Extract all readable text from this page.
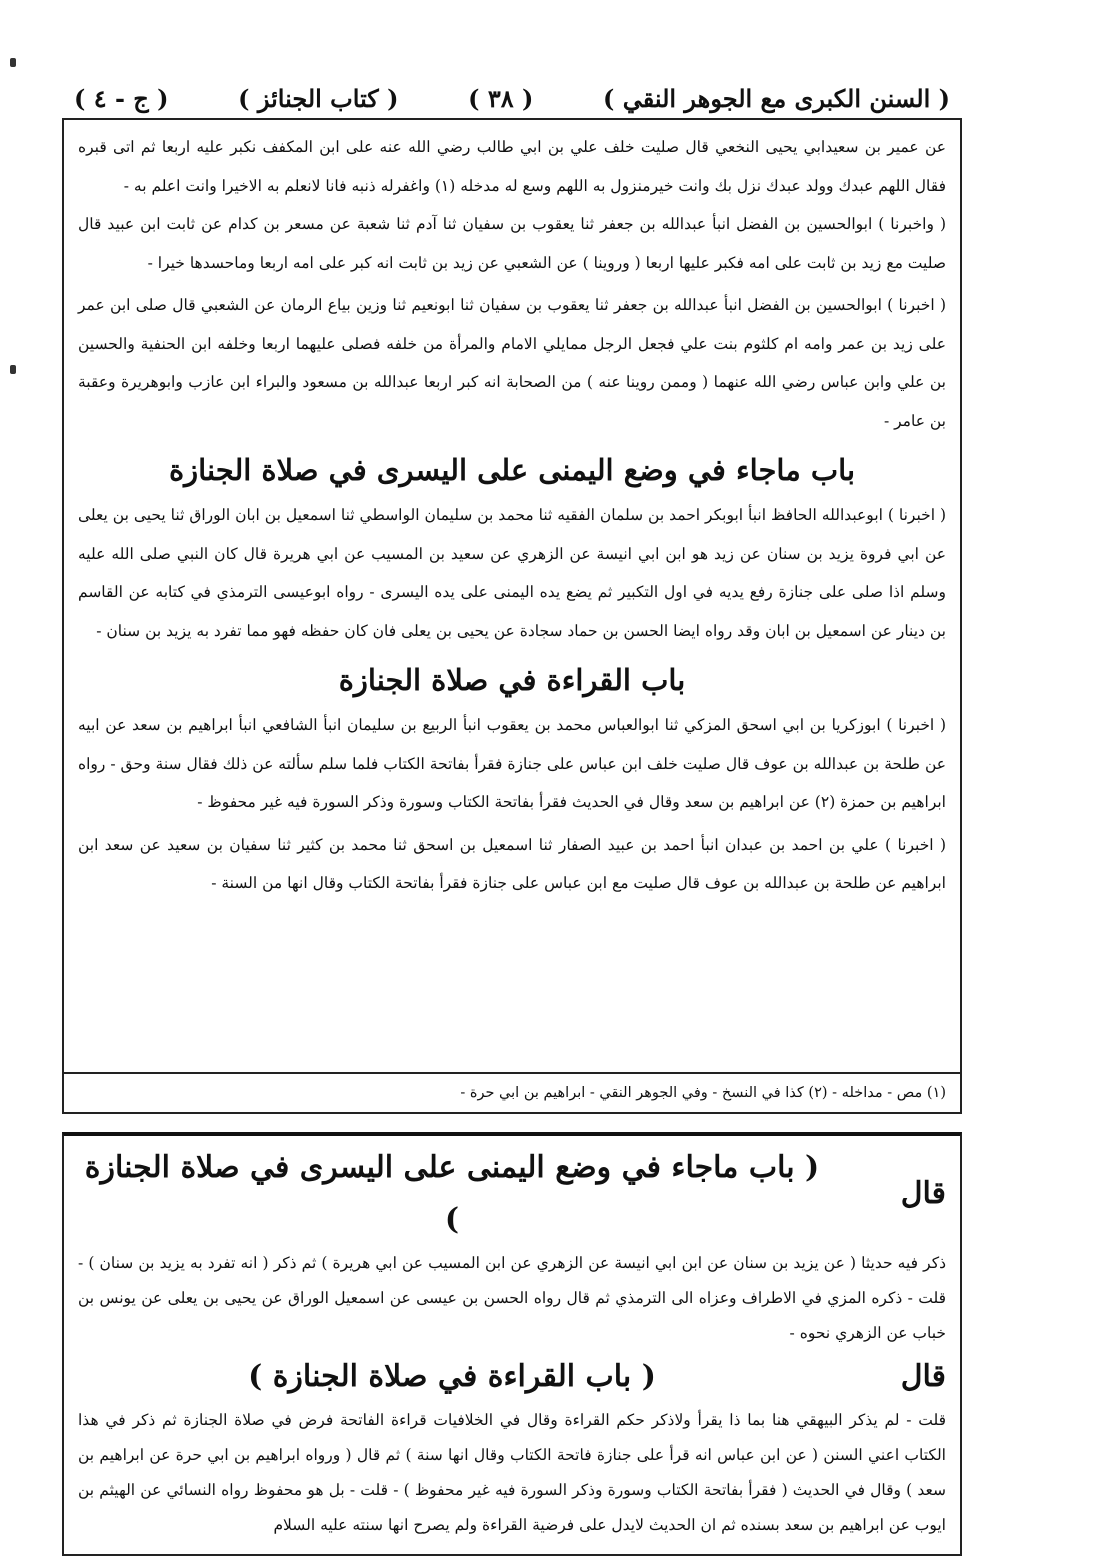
( السنن الكبرى مع الجوهر النقي )
( ٣٨ )
( كتاب الجنائز )
( ج - ٤ )

عن عمير بن سعيدابي يحيى النخعي قال صليت خلف علي بن ابي طالب رضي الله عنه على ابن المكفف نكبر عليه اربعا ثم اتى قبره فقال اللهم عبدك وولد عبدك نزل بك وانت خيرمنزول به اللهم وسع له مدخله (١) واغفرله ذنبه فانا لانعلم به الاخيرا وانت اعلم به -

( واخبرنا ) ابوالحسين بن الفضل انبأ عبدالله بن جعفر ثنا يعقوب بن سفيان ثنا آدم ثنا شعبة عن مسعر بن كدام عن ثابت ابن عبيد قال صليت مع زيد بن ثابت على امه فكبر عليها اربعا ( وروينا ) عن الشعبي عن زيد بن ثابت انه كبر على امه اربعا وماحسدها خيرا -

( اخبرنا ) ابوالحسين بن الفضل انبأ عبدالله بن جعفر ثنا يعقوب بن سفيان ثنا ابونعيم ثنا وزين بياع الرمان عن الشعبي قال صلى ابن عمر على زيد بن عمر وامه ام كلثوم بنت علي فجعل الرجل ممايلي الامام والمرأة من خلفه فصلى عليهما اربعا وخلفه ابن الحنفية والحسين بن علي وابن عباس رضي الله عنهما ( وممن روينا عنه ) من الصحابة انه كبر اربعا عبدالله بن مسعود والبراء ابن عازب وابوهريرة وعقبة بن عامر -

باب ماجاء في وضع اليمنى على اليسرى في صلاة الجنازة

( اخبرنا ) ابوعبدالله الحافظ انبأ ابوبكر احمد بن سلمان الفقيه ثنا محمد بن سليمان الواسطي ثنا اسمعيل بن ابان الوراق ثنا يحيى بن يعلى عن ابي فروة يزيد بن سنان عن زيد هو ابن ابي انيسة عن الزهري عن سعيد بن المسيب عن ابي هريرة قال كان النبي صلى الله عليه وسلم اذا صلى على جنازة رفع يديه في اول التكبير ثم يضع يده اليمنى على يده اليسرى - رواه ابوعيسى الترمذي في كتابه عن القاسم بن دينار عن اسمعيل بن ابان وقد رواه ايضا الحسن بن حماد سجادة عن يحيى بن يعلى فان كان حفظه فهو مما تفرد به يزيد بن سنان -

باب القراءة في صلاة الجنازة

( اخبرنا ) ابوزكريا بن ابي اسحق المزكي ثنا ابوالعباس محمد بن يعقوب انبأ الربيع بن سليمان انبأ الشافعي انبأ ابراهيم بن سعد عن ابيه عن طلحة بن عبدالله بن عوف قال صليت خلف ابن عباس على جنازة فقرأ بفاتحة الكتاب فلما سلم سألته عن ذلك فقال سنة وحق - رواه ابراهيم بن حمزة (٢) عن ابراهيم بن سعد وقال في الحديث فقرأ بفاتحة الكتاب وسورة وذكر السورة فيه غير محفوظ -

( اخبرنا ) علي بن احمد بن عبدان انبأ احمد بن عبيد الصفار ثنا اسمعيل بن اسحق ثنا محمد بن كثير ثنا سفيان بن سعيد عن سعد ابن ابراهيم عن طلحة بن عبدالله بن عوف قال صليت مع ابن عباس على جنازة فقرأ بفاتحة الكتاب وقال انها من السنة -

(١) مص - مداخله - (٢) كذا في النسخ - وفي الجوهر النقي - ابراهيم بن ابي حرة -
قال
( باب ماجاء في وضع اليمنى على اليسرى في صلاة الجنازة )

ذكر فيه حديثا ( عن يزيد بن سنان عن ابن ابي انيسة عن الزهري عن ابن المسيب عن ابي هريرة ) ثم ذكر ( انه تفرد به يزيد بن سنان ) - قلت - ذكره المزي في الاطراف وعزاه الى الترمذي ثم قال رواه الحسن بن عيسى عن اسمعيل الوراق عن يحيى بن يعلى عن يونس بن خباب عن الزهري نحوه -

قال
( باب القراءة في صلاة الجنازة )

قلت - لم يذكر البيهقي هنا بما ذا يقرأ ولاذكر حكم القراءة وقال في الخلافيات قراءة الفاتحة فرض في صلاة الجنازة ثم ذكر في هذا الكتاب اعني السنن ( عن ابن عباس انه قرأ على جنازة فاتحة الكتاب وقال انها سنة ) ثم قال ( ورواه ابراهيم بن ابي حرة عن ابراهيم بن سعد ) وقال في الحديث ( فقرأ بفاتحة الكتاب وسورة وذكر السورة فيه غير محفوظ ) - قلت - بل هو محفوظ رواه النسائي عن الهيثم بن ايوب عن ابراهيم بن سعد بسنده ثم ان الحديث لايدل على فرضية القراءة ولم يصرح انها سنته عليه السلام
